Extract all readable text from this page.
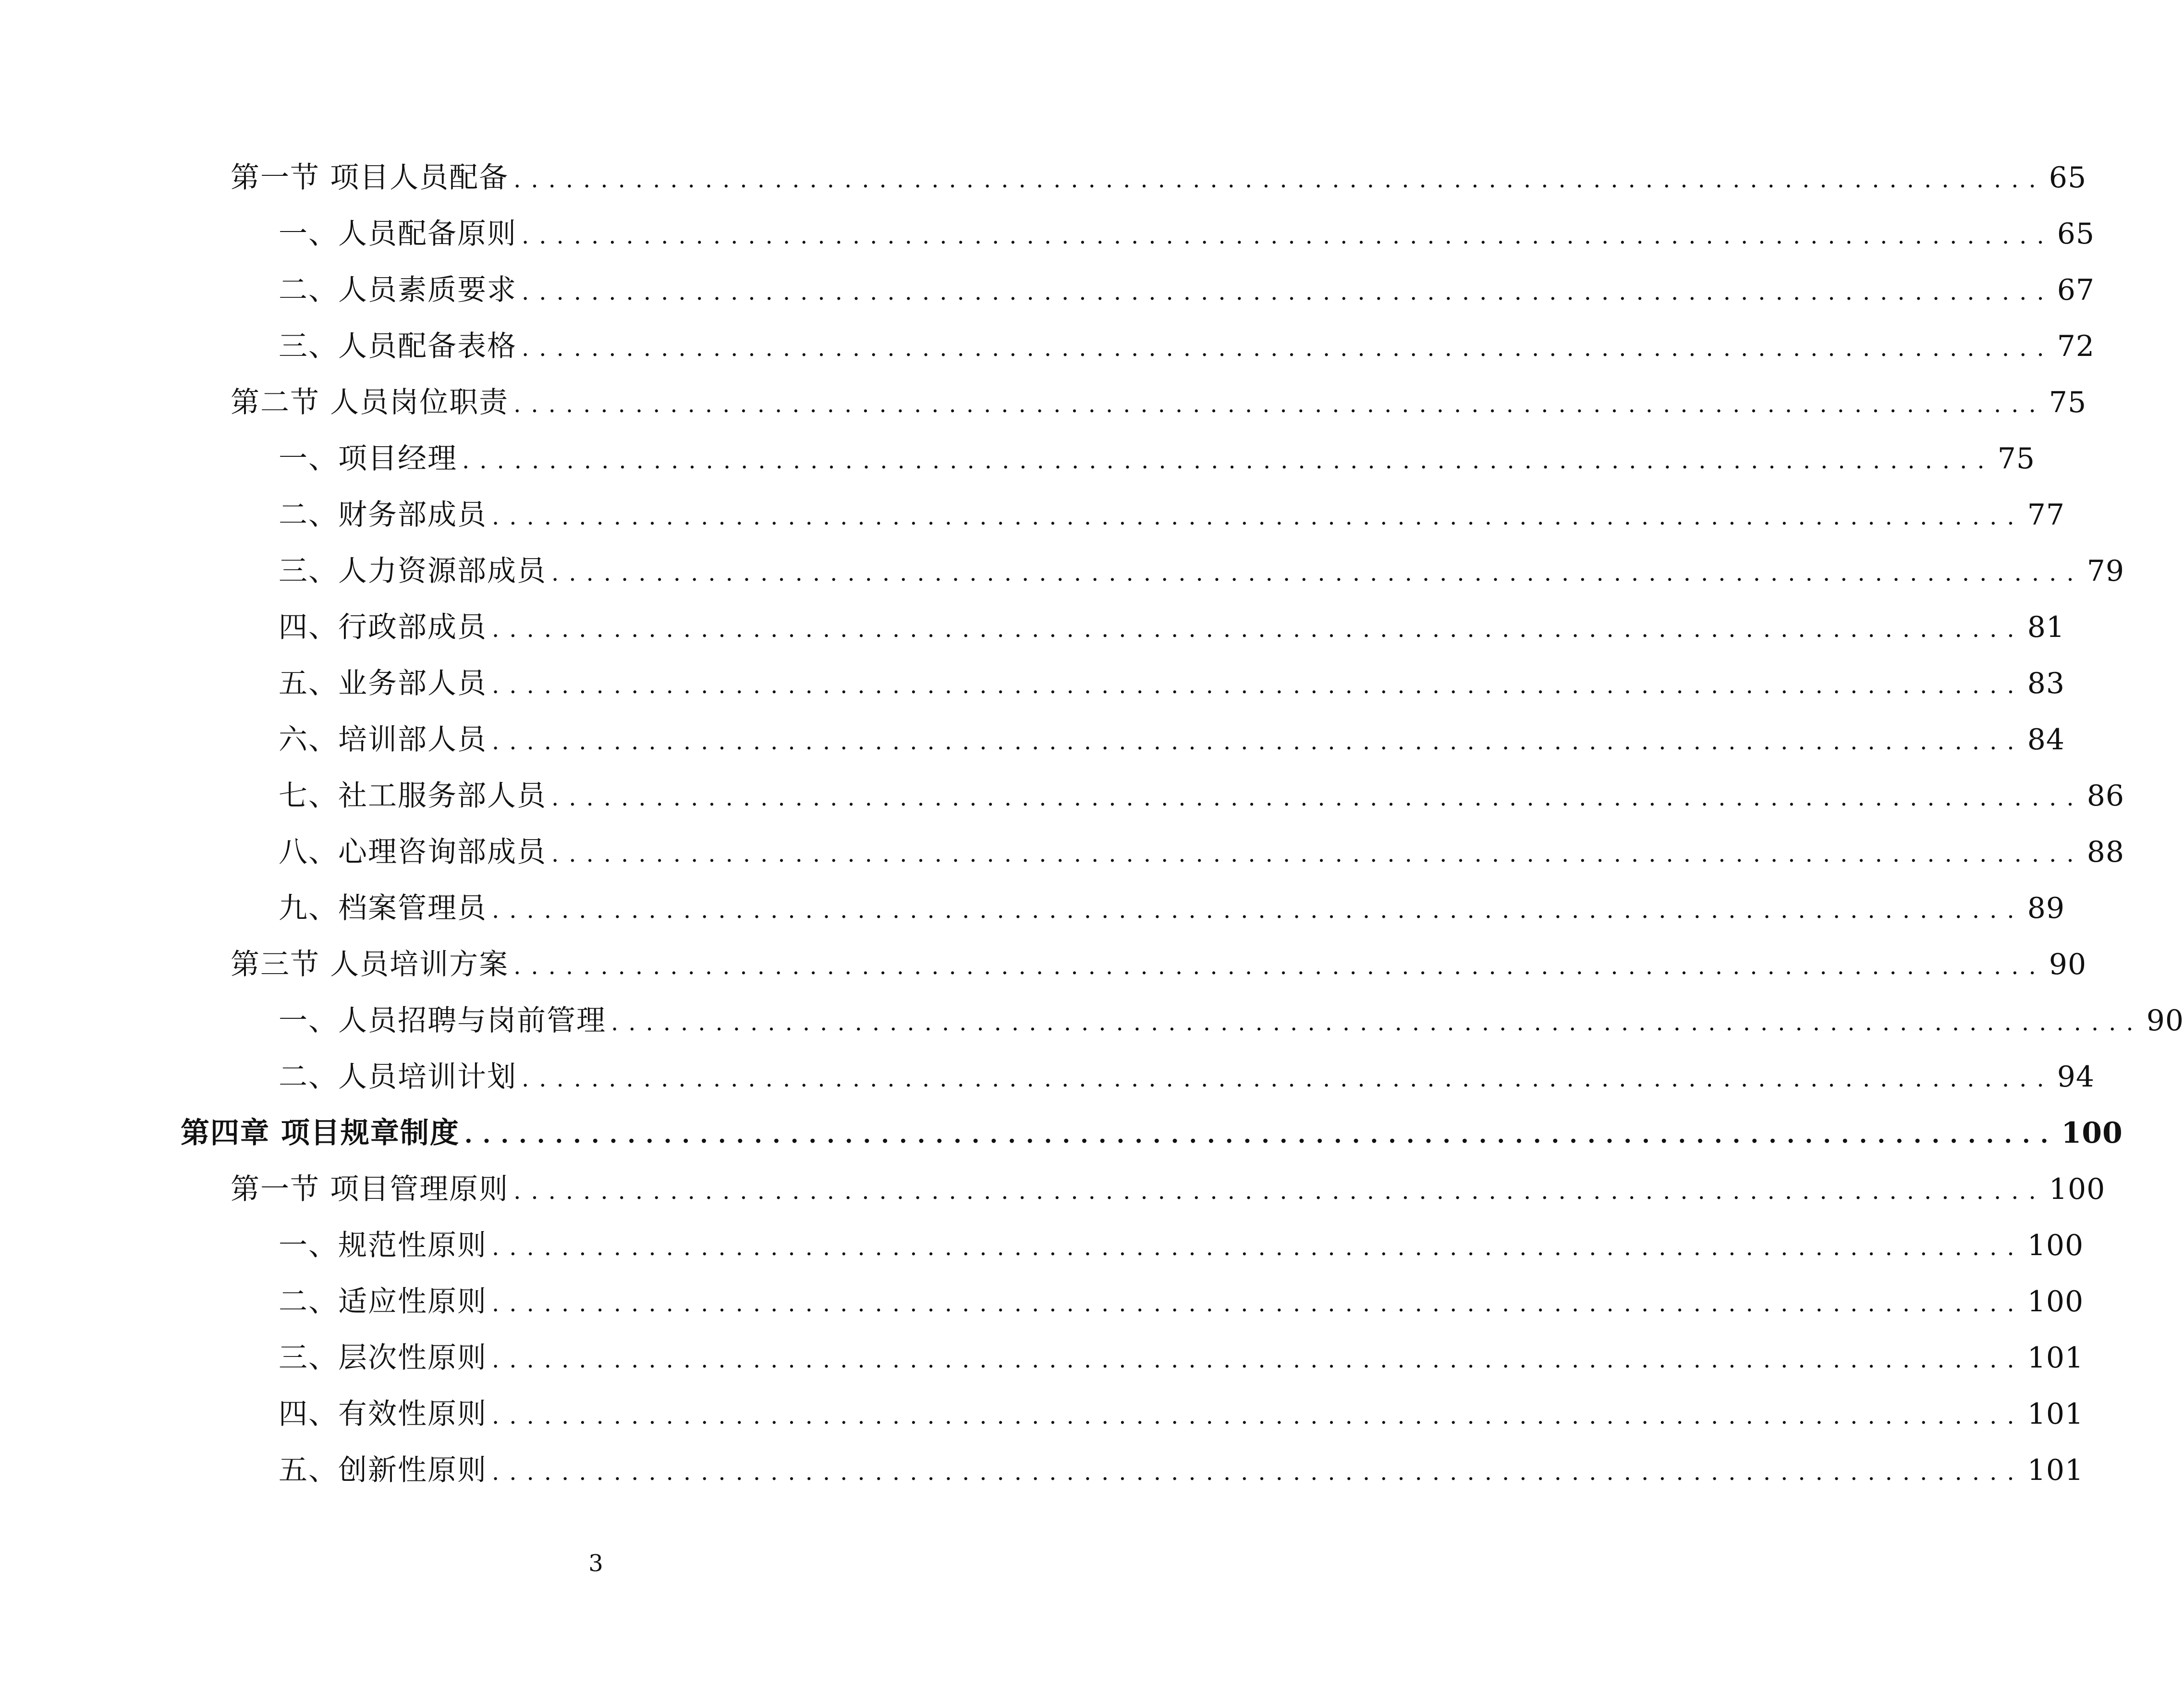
第一节 项目人员配备 ........................................................................................ 65
一、人员配备原则 ........................................................................................ 65
二、人员素质要求 ........................................................................................ 67
三、人员配备表格 ........................................................................................ 72
第二节 人员岗位职责 ........................................................................................ 75
一、项目经理 ........................................................................................ 75
二、财务部成员 ........................................................................................ 77
三、人力资源部成员 ........................................................................................ 79
四、行政部成员 ........................................................................................ 81
五、业务部人员 ........................................................................................ 83
六、培训部人员 ........................................................................................ 84
七、社工服务部人员 ........................................................................................ 86
八、心理咨询部成员 ........................................................................................ 88
九、档案管理员 ........................................................................................ 89
第三节 人员培训方案 ........................................................................................ 90
一、人员招聘与岗前管理 ........................................................................................ 90
二、人员培训计划 ........................................................................................ 94
第四章 项目规章制度 ........................................................................................ 100
第一节 项目管理原则 ........................................................................................ 100
一、规范性原则 ........................................................................................ 100
二、适应性原则 ........................................................................................ 100
三、层次性原则 ........................................................................................ 101
四、有效性原则 ........................................................................................ 101
五、创新性原则 ........................................................................................ 101
3
